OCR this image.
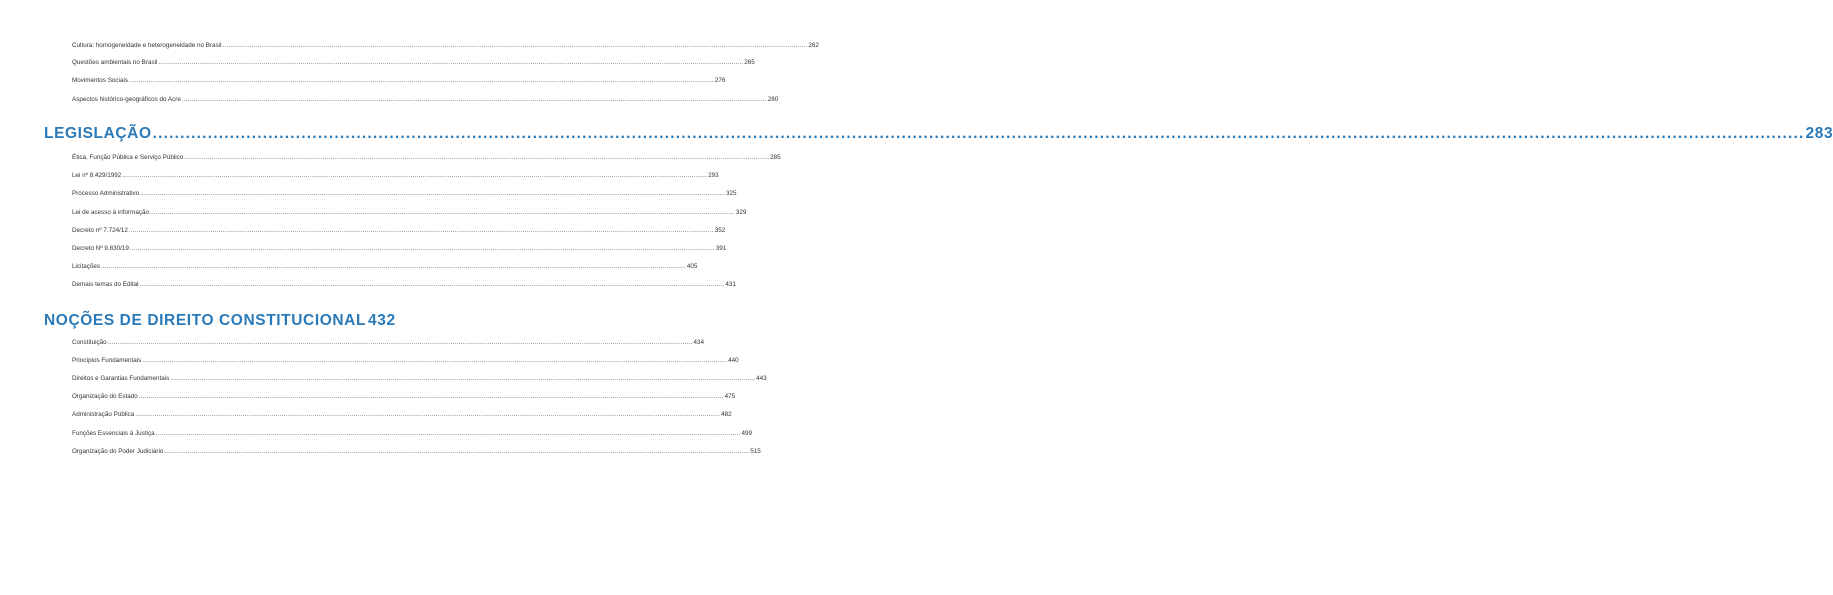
Cultura: homogeneidade e heterogeneidade no Brasil .....	262
Questões ambientais no Brasil .....	265
Movimentos Sociais .....	276
Aspectos histórico-geográficos do Acre .....	280
LEGISLAÇÃO .....	283
Ética, Função Pública e Serviço Público .....	285
Lei nº 8.429/1992 .....	293
Processo Administrativo .....	325
Lei de acesso à informação .....	329
Decreto nº 7.724/12 .....	352
Decreto Nº 9.830/19 .....	391
Licitações .....	405
Demais temas do Edital .....	431
NOÇÕES DE DIREITO CONSTITUCIONAL 432
Constituição .....	434
Princípios Fundamentais .....	440
Direitos e Garantias Fundamentais .....	443
Organização do Estado .....	475
Administração Pública .....	482
Funções Essenciais à Justiça .....	499
Organização do Poder Judiciário .....	515
